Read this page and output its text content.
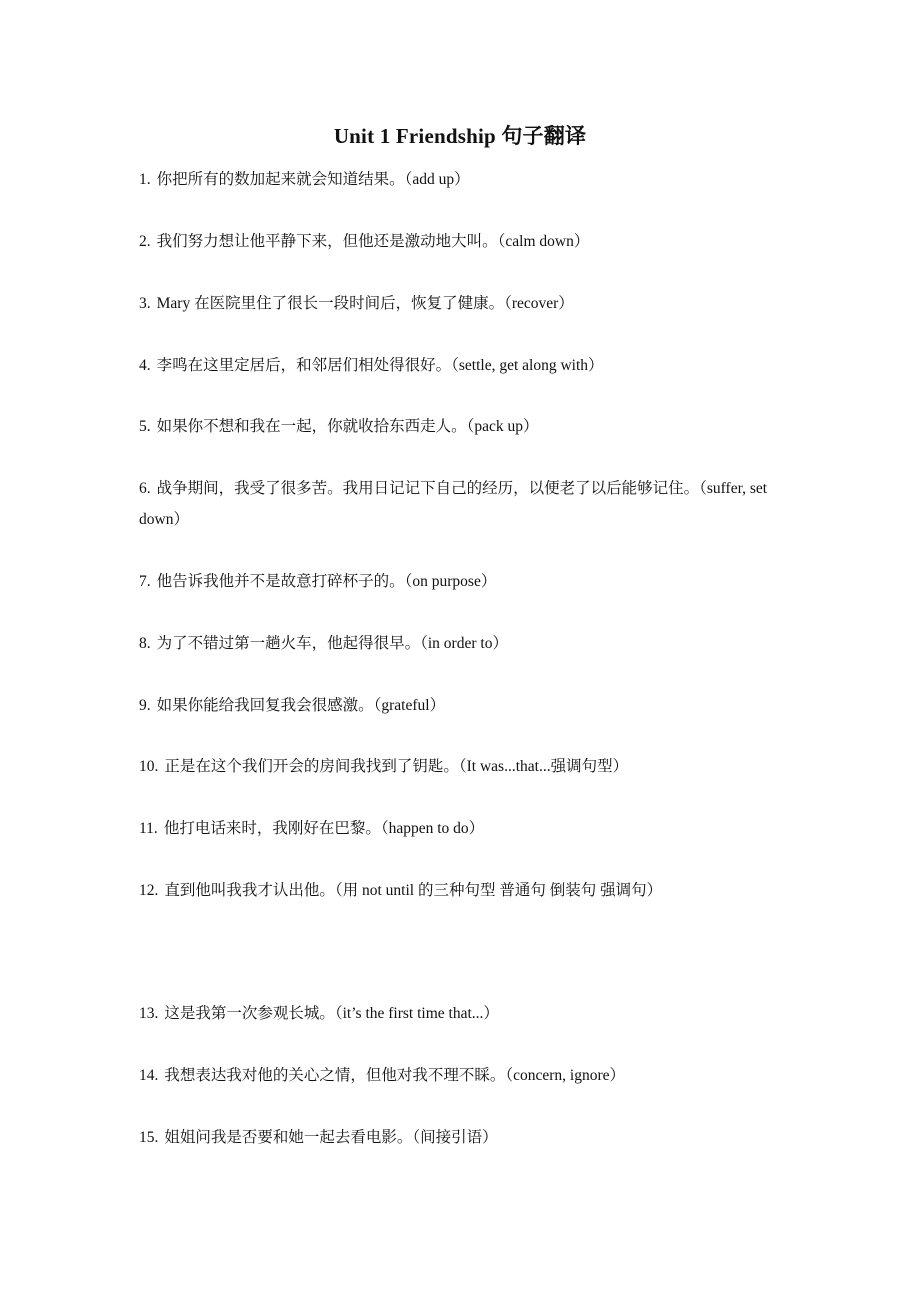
Unit 1 Friendship 句子翻译

1. 你把所有的数加起来就会知道结果。（add up）

2. 我们努力想让他平静下来，但他还是激动地大叫。（calm down）

3. Mary 在医院里住了很长一段时间后，恢复了健康。（recover）

4. 李鸣在这里定居后，和邻居们相处得很好。（settle, get along with）

5. 如果你不想和我在一起，你就收拾东西走人。（pack up）

6. 战争期间，我受了很多苦。我用日记记下自己的经历，以便老了以后能够记住。（suffer, set down）

7. 他告诉我他并不是故意打碎杯子的。（on purpose）

8. 为了不错过第一趟火车，他起得很早。（in order to）

9. 如果你能给我回复我会很感激。（grateful）

10. 正是在这个我们开会的房间我找到了钥匙。（It was...that...强调句型）

11. 他打电话来时，我刚好在巴黎。（happen to do）

12. 直到他叫我我才认出他。（用 not until 的三种句型 普通句 倒装句 强调句）

13. 这是我第一次参观长城。（it’s the first time that...）

14. 我想表达我对他的关心之情，但他对我不理不睬。（concern, ignore）

15. 姐姐问我是否要和她一起去看电影。（间接引语）
